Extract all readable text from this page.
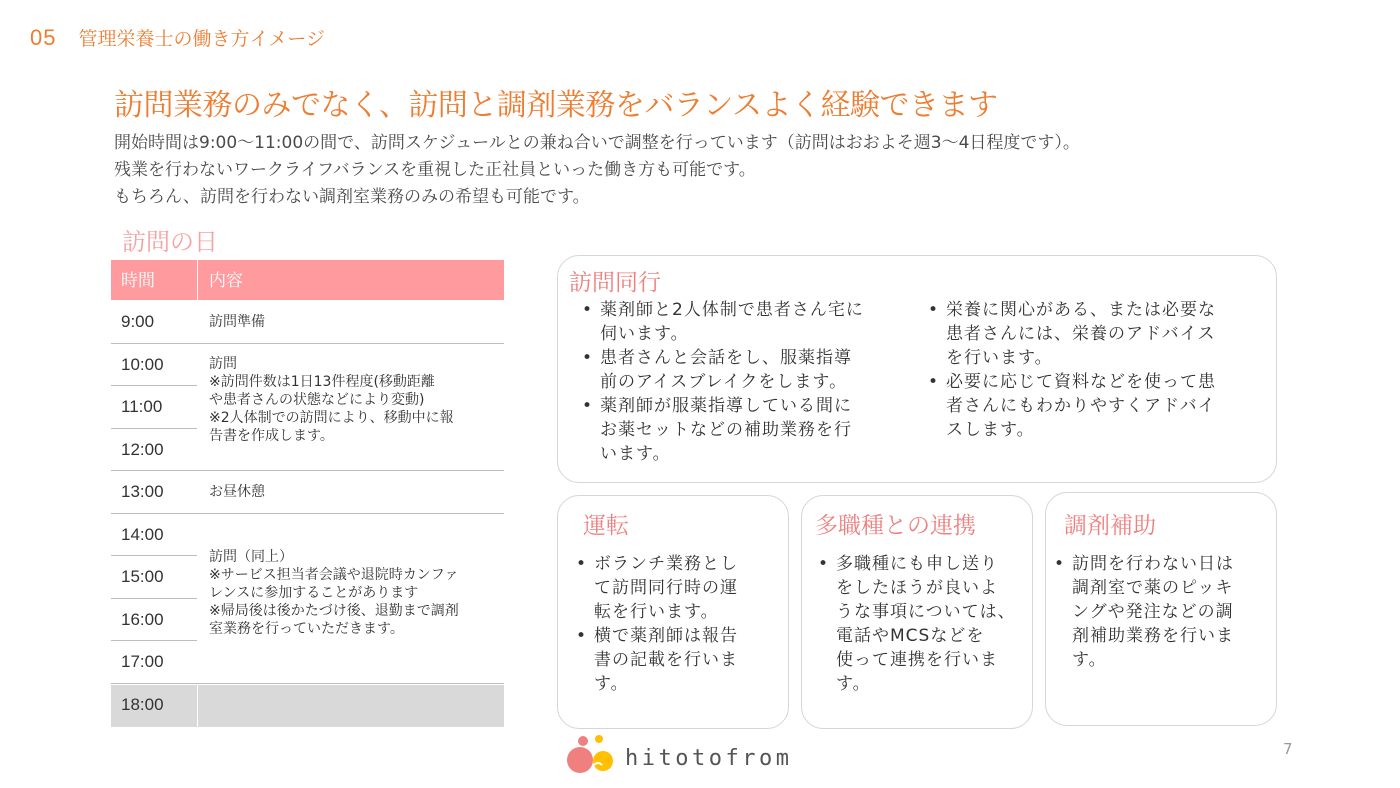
05 管理栄養士の働き方イメージ
訪問業務のみでなく、訪問と調剤業務をバランスよく経験できます

開始時間は9:00～11:00の間で、訪問スケジュールとの兼ね合いで調整を行っています（訪問はおおよそ週3～4日程度です）。

残業を行わないワークライフバランスを重視した正社員といった働き方も可能です。

もちろん、訪問を行わない調剤室業務のみの希望も可能です。

訪問の日
時間	内容
9:00
10:00
11:00
12:00
13:00
14:00
15:00
16:00
17:00
18:00
訪問準備
訪問
※訪問件数は1日13件程度(移動距離
や患者さんの状態などにより変動)
※2人体制での訪問により、移動中に報
告書を作成します。
お昼休憩
訪問（同上）
※サービス担当者会議や退院時カンファ
レンスに参加することがあります
※帰局後は後かたづけ後、退勤まで調剤
室業務を行っていただきます。
訪問同行
• 薬剤師と2人体制で患者さん宅に
伺います。
• 患者さんと会話をし、服薬指導
前のアイスブレイクをします。
• 薬剤師が服薬指導している間に
お薬セットなどの補助業務を行
います。
• 栄養に関心がある、または必要な
患者さんには、栄養のアドバイス
を行います。
• 必要に応じて資料などを使って患
者さんにもわかりやすくアドバイ
スします。
運転
• ボランチ業務とし
て訪問同行時の運
転を行います。
• 横で薬剤師は報告
書の記載を行いま
す。
多職種との連携
• 多職種にも申し送り
をしたほうが良いよ
うな事項については、
電話やMCSなどを
使って連携を行いま
す。
調剤補助
• 訪問を行わない日は
調剤室で薬のピッキ
ングや発注などの調
剤補助業務を行いま
す。
hitotofrom	7
